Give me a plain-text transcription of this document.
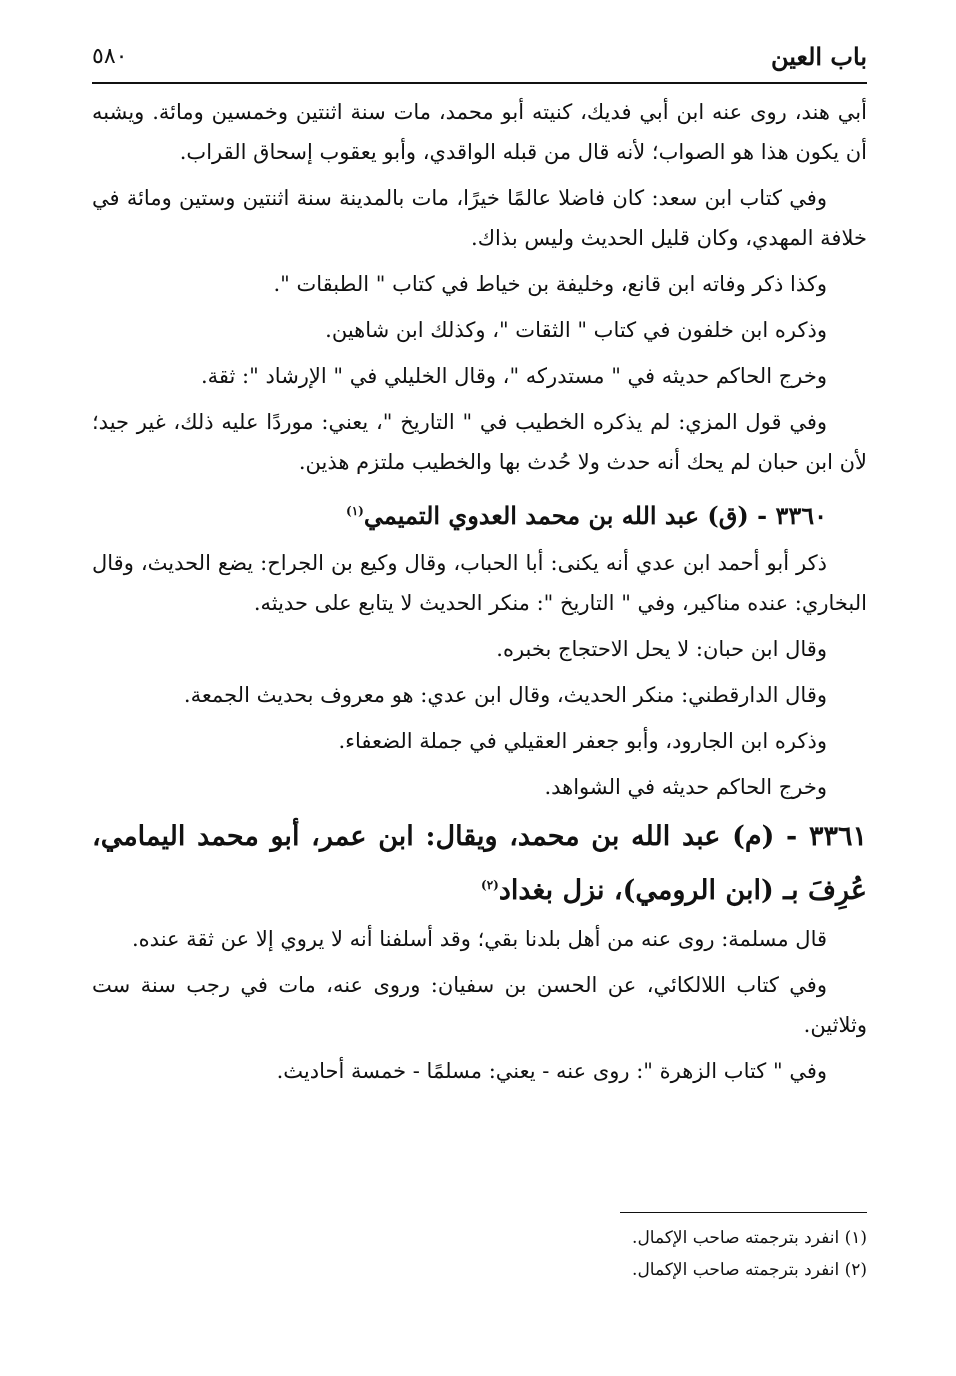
باب العين
٥٨٠

أبي هند، روى عنه ابن أبي فديك، كنيته أبو محمد، مات سنة اثنتين وخمسين ومائة. ويشبه أن يكون هذا هو الصواب؛ لأنه قال من قبله الواقدي، وأبو يعقوب إسحاق القراب.

وفي كتاب ابن سعد: كان فاضلا عالمًا خيرًا، مات بالمدينة سنة اثنتين وستين ومائة في خلافة المهدي، وكان قليل الحديث وليس بذاك.

وكذا ذكر وفاته ابن قانع، وخليفة بن خياط في كتاب " الطبقات ".

وذكره ابن خلفون في كتاب " الثقات "، وكذلك ابن شاهين.

وخرج الحاكم حديثه في " مستدركه "، وقال الخليلي في " الإرشاد ": ثقة.

وفي قول المزي: لم يذكره الخطيب في " التاريخ "، يعني: موردًا عليه ذلك، غير جيد؛ لأن ابن حبان لم يحك أنه حدث ولا حُدث بها والخطيب ملتزم هذين.

٣٣٦٠ - (ق) عبد الله بن محمد العدوي التميمي$^{(١)}$

ذكر أبو أحمد ابن عدي أنه يكنى: أبا الحباب، وقال وكيع بن الجراح: يضع الحديث، وقال البخاري: عنده مناكير، وفي " التاريخ ": منكر الحديث لا يتابع على حديثه.

وقال ابن حبان: لا يحل الاحتجاج بخبره.

وقال الدارقطني: منكر الحديث، وقال ابن عدي: هو معروف بحديث الجمعة.

وذكره ابن الجارود، وأبو جعفر العقيلي في جملة الضعفاء.

وخرج الحاكم حديثه في الشواهد.

٣٣٦١ - (م) عبد الله بن محمد، ويقال: ابن عمر، أبو محمد اليمامي، عُرِفَ بـ (ابن الرومي)، نزل بغداد$^{(٢)}$

قال مسلمة: روى عنه من أهل بلدنا بقي؛ وقد أسلفنا أنه لا يروي إلا عن ثقة عنده.

وفي كتاب اللالكائي، عن الحسن بن سفيان: وروى عنه، مات في رجب سنة ست وثلاثين.

وفي " كتاب الزهرة ": روى عنه - يعني: مسلمًا - خمسة أحاديث.

(١) انفرد بترجمته صاحب الإكمال.
(٢) انفرد بترجمته صاحب الإكمال.
